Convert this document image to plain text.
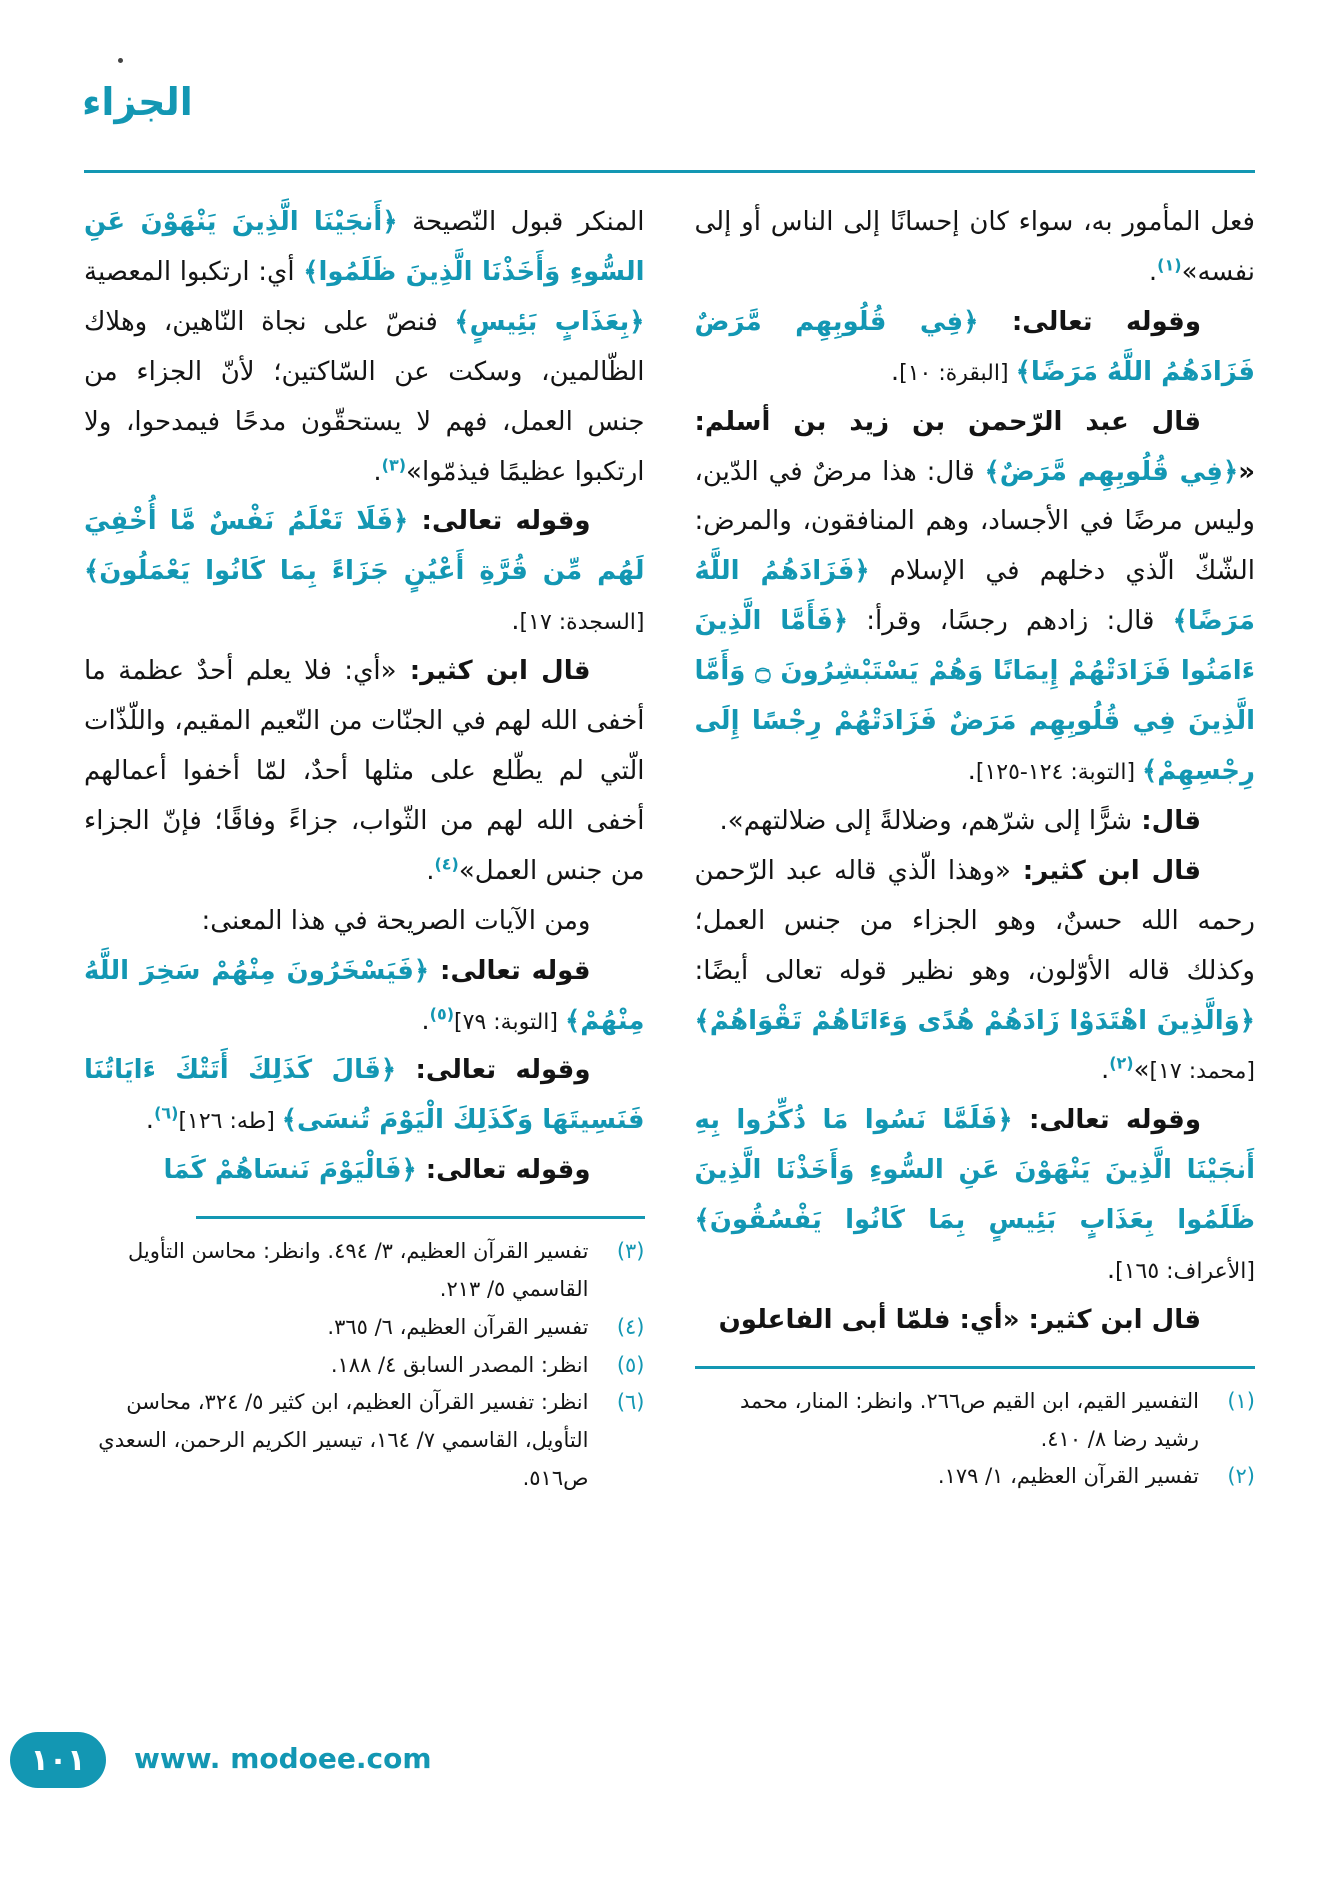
الجزاء

فعل المأمور به، سواء كان إحسانًا إلى الناس أو إلى نفسه»$^{(١)}$.

وقوله تعالى: ﴿فِي قُلُوبِهِم مَّرَضٌ فَزَادَهُمُ اللَّهُ مَرَضًا﴾ [البقرة: ١٠].

قال عبد الرّحمن بن زيد بن أسلم: «﴿فِي قُلُوبِهِم مَّرَضٌ﴾ قال: هذا مرضٌ في الدّين، وليس مرضًا في الأجساد، وهم المنافقون، والمرض: الشّكّ الّذي دخلهم في الإسلام ﴿فَزَادَهُمُ اللَّهُ مَرَضًا﴾ قال: زادهم رجسًا، وقرأ: ﴿فَأَمَّا الَّذِينَ ءَامَنُوا فَزَادَتْهُمْ إِيمَانًا وَهُمْ يَسْتَبْشِرُونَ ۝ وَأَمَّا الَّذِينَ فِي قُلُوبِهِم مَرَضٌ فَزَادَتْهُمْ رِجْسًا إِلَى رِجْسِهِمْ﴾ [التوبة: ١٢٤-١٢٥].

قال: شرًّا إلى شرّهم، وضلالةً إلى ضلالتهم».

قال ابن كثير: «وهذا الّذي قاله عبد الرّحمن رحمه الله حسنٌ، وهو الجزاء من جنس العمل؛ وكذلك قاله الأوّلون، وهو نظير قوله تعالى أيضًا: ﴿وَالَّذِينَ اهْتَدَوْا زَادَهُمْ هُدًى وَءَاتَاهُمْ تَقْوَاهُمْ﴾ [محمد: ١٧]»$^{(٢)}$.

وقوله تعالى: ﴿فَلَمَّا نَسُوا مَا ذُكِّرُوا بِهِ أَنجَيْنَا الَّذِينَ يَنْهَوْنَ عَنِ السُّوءِ وَأَخَذْنَا الَّذِينَ ظَلَمُوا بِعَذَابٍ بَئِيسٍ بِمَا كَانُوا يَفْسُقُونَ﴾ [الأعراف: ١٦٥].

قال ابن كثير: «أي: فلمّا أبى الفاعلون

(١)
التفسير القيم، ابن القيم ص٢٦٦. وانظر: المنار، محمد رشيد رضا ٨/ ٤١٠.
(٢)
تفسير القرآن العظيم، ١/ ١٧٩.

المنكر قبول النّصيحة ﴿أَنجَيْنَا الَّذِينَ يَنْهَوْنَ عَنِ السُّوءِ وَأَخَذْنَا الَّذِينَ ظَلَمُوا﴾ أي: ارتكبوا المعصية ﴿بِعَذَابٍ بَئِيسٍ﴾ فنصّ على نجاة النّاهين، وهلاك الظّالمين، وسكت عن السّاكتين؛ لأنّ الجزاء من جنس العمل، فهم لا يستحقّون مدحًا فيمدحوا، ولا ارتكبوا عظيمًا فيذمّوا»$^{(٣)}$.

وقوله تعالى: ﴿فَلَا تَعْلَمُ نَفْسٌ مَّا أُخْفِيَ لَهُم مِّن قُرَّةِ أَعْيُنٍ جَزَاءً بِمَا كَانُوا يَعْمَلُونَ﴾ [السجدة: ١٧].

قال ابن كثير: «أي: فلا يعلم أحدٌ عظمة ما أخفى الله لهم في الجنّات من النّعيم المقيم، واللّذّات الّتي لم يطّلع على مثلها أحدٌ، لمّا أخفوا أعمالهم أخفى الله لهم من الثّواب، جزاءً وفاقًا؛ فإنّ الجزاء من جنس العمل»$^{(٤)}$.

ومن الآيات الصريحة في هذا المعنى:

قوله تعالى: ﴿فَيَسْخَرُونَ مِنْهُمْ سَخِرَ اللَّهُ مِنْهُمْ﴾ [التوبة: ٧٩]$^{(٥)}$.

وقوله تعالى: ﴿قَالَ كَذَلِكَ أَتَتْكَ ءَايَاتُنَا فَنَسِيتَهَا وَكَذَلِكَ الْيَوْمَ تُنسَى﴾ [طه: ١٢٦]$^{(٦)}$.

وقوله تعالى: ﴿فَالْيَوْمَ نَنسَاهُمْ كَمَا

(٣)
تفسير القرآن العظيم، ٣/ ٤٩٤. وانظر: محاسن التأويل القاسمي ٥/ ٢١٣.
(٤)
تفسير القرآن العظيم، ٦/ ٣٦٥.
(٥)
انظر: المصدر السابق ٤/ ١٨٨.
(٦)
انظر: تفسير القرآن العظيم، ابن كثير ٥/ ٣٢٤، محاسن التأويل، القاسمي ٧/ ١٦٤، تيسير الكريم الرحمن، السعدي ص٥١٦.
١٠١	www. modoee.com
